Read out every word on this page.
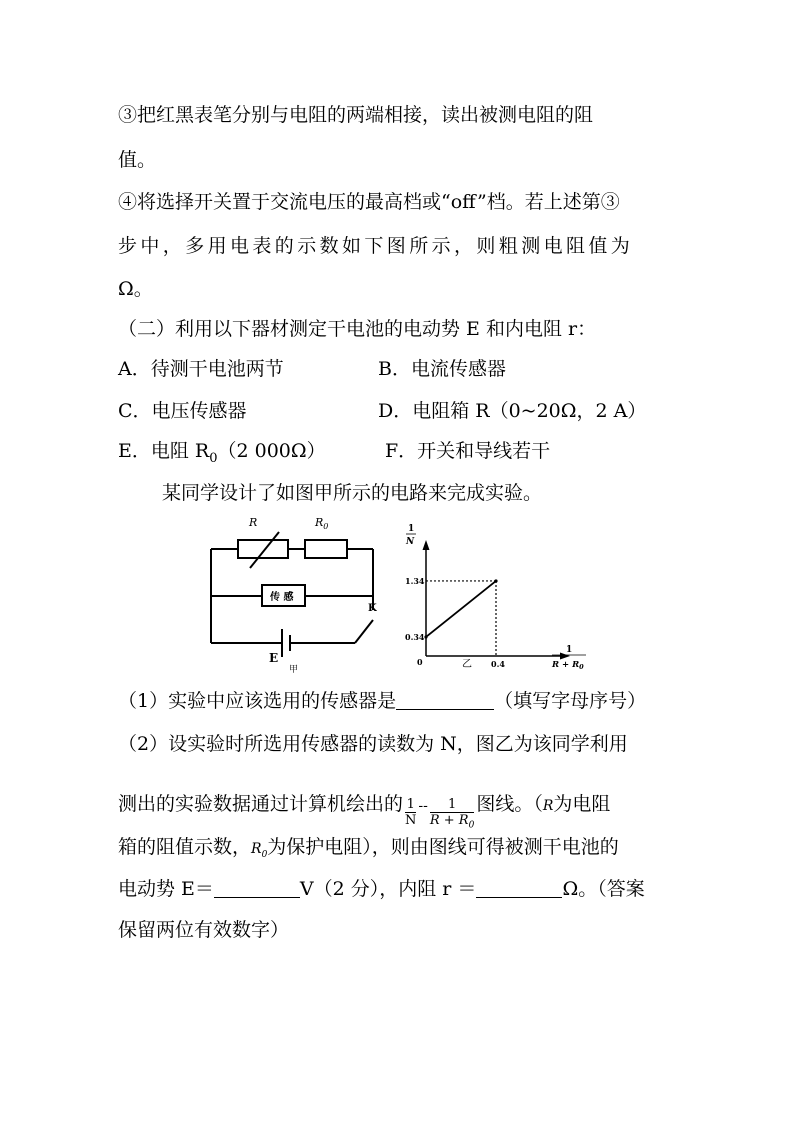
③把红黑表笔分别与电阻的两端相接，读出被测电阻的阻
值。
④将选择开关置于交流电压的最高档或“off”档。若上述第③
步中，多用电表的示数如下图所示，则粗测电阻值为
Ω。
（二）利用以下器材测定干电池的电动势 E 和内电阻 r：
A．待测干电池两节	B．电流传感器
C．电压传感器	D．电阻箱 R（0~20Ω，2 A）
E．电阻 $R_0(2$ 000Ω）	F．开关和导线若干
某同学设计了如图甲所示的电路来完成实验。
R	$R_0$
传 感
K
E
甲
1
N
1.34
0.34
0	0.4
乙
1
$R + R_0$
（1）实验中应该选用的传感器是	（填写字母序号）
（2）设实验时所选用传感器的读数为 N，图乙为该同学利用
测出的实验数据通过计算机绘出的 $\frac{1}{N} -- \frac{1}{R + R_0}$ 图线。（R为电阻
箱的阻值示数，$R_0$为保护电阻），则由图线可得被测干电池的
电动势 E＝	V（2 分），内阻 r ＝	Ω。（答案
保留两位有效数字）
